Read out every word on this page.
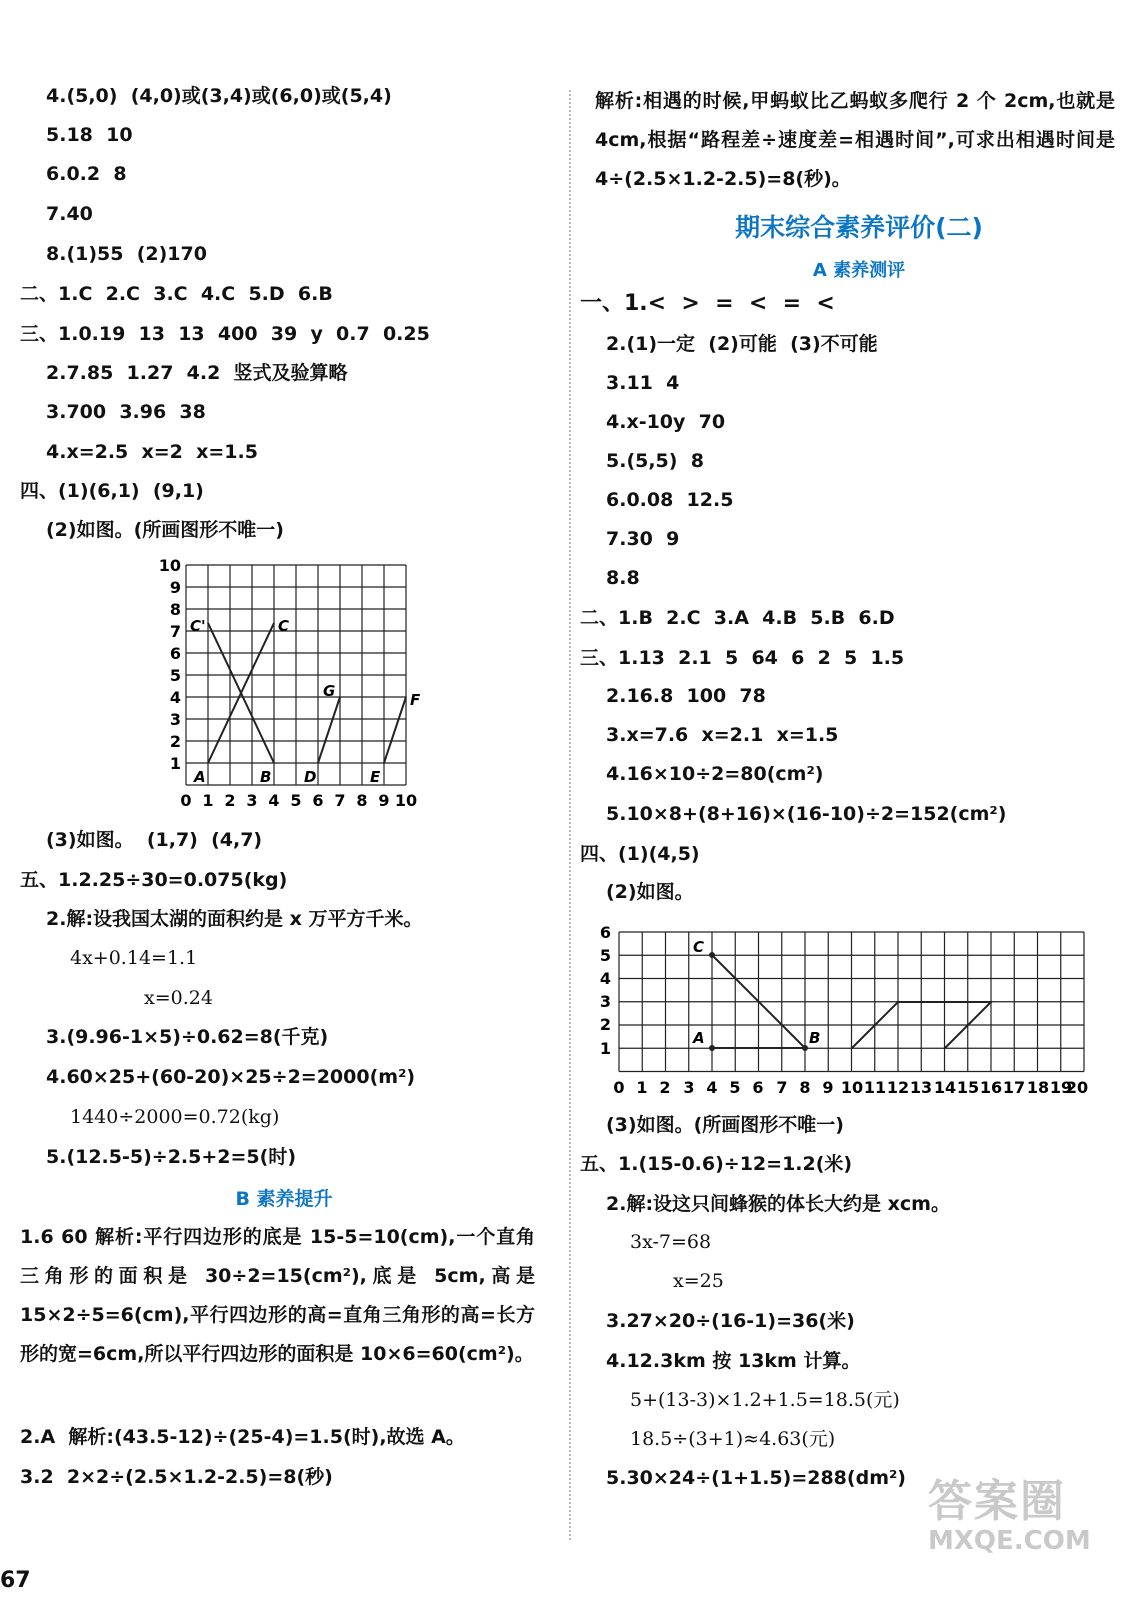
4.(5,0)  (4,0)或(3,4)或(6,0)或(5,4)
5.18  10
6.0.2  8
7.40
8.(1)55  (2)170
二、1.C  2.C  3.C  4.C  5.D  6.B
三、1.0.19  13  13  400  39  y  0.7  0.25
2.7.85  1.27  4.2  竖式及验算略
3.700  3.96  38
4.x=2.5  x=2  x=1.5
四、(1)(6,1)  (9,1)
(2)如图。(所画图形不唯一)
C'	C
G	F
A	B D	E
0 1 2 3 4 5 6 7 8 9 10
1
2
3
4
5
6
7
8
9
10
(3)如图。  (1,7)  (4,7)
五、1.2.25÷30=0.075(kg)
2.解:设我国太湖的面积约是 x 万平方千米。
4x+0.14=1.1
x=0.24
3.(9.96-1×5)÷0.62=8(千克)
4.60×25+(60-20)×25÷2=2000(m²)
1440÷2000=0.72(kg)
5.(12.5-5)÷2.5+2=5(时)
B 素养提升
1.6 60 解析:平行四边形的底是 15-5=10(cm),一个直角三角形的面积是 30÷2=15(cm²),底是 5cm,高是 15×2÷5=6(cm),平行四边形的高=直角三角形的高=长方形的宽=6cm,所以平行四边形的面积是 10×6=60(cm²)。
2.A  解析:(43.5-12)÷(25-4)=1.5(时),故选 A。
3.2  2×2÷(2.5×1.2-2.5)=8(秒)
解析:相遇的时候,甲蚂蚁比乙蚂蚁多爬行 2 个 2cm,也就是 4cm,根据“路程差÷速度差=相遇时间”,可求出相遇时间是 4÷(2.5×1.2-2.5)=8(秒)。
期末综合素养评价(二)
A 素养测评
一、1.<  >  =  <  =  <
2.(1)一定  (2)可能  (3)不可能
3.11  4
4.x-10y  70
5.(5,5)  8
6.0.08  12.5
7.30  9
8.8
二、1.B  2.C  3.A  4.B  5.B  6.D
三、1.13  2.1  5  64  6  2  5  1.5
2.16.8  100  78
3.x=7.6  x=2.1  x=1.5
4.16×10÷2=80(cm²)
5.10×8+(8+16)×(16-10)÷2=152(cm²)
四、(1)(4,5)
(2)如图。
C
A	B
0 1 2 3 4 5 6 7 8 9 10 11 12 13 14 15 16 17 18 19
20
1
2
3
4
5
6
(3)如图。(所画图形不唯一)
五、1.(15-0.6)÷12=1.2(米)
2.解:设这只间蜂猴的体长大约是 xcm。
3x-7=68
x=25
3.27×20÷(16-1)=36(米)
4.12.3km 按 13km 计算。
5+(13-3)×1.2+1.5=18.5(元)
18.5÷(3+1)≈4.63(元)
5.30×24÷(1+1.5)=288(dm²)
67
答案圈
MXQE.COM
